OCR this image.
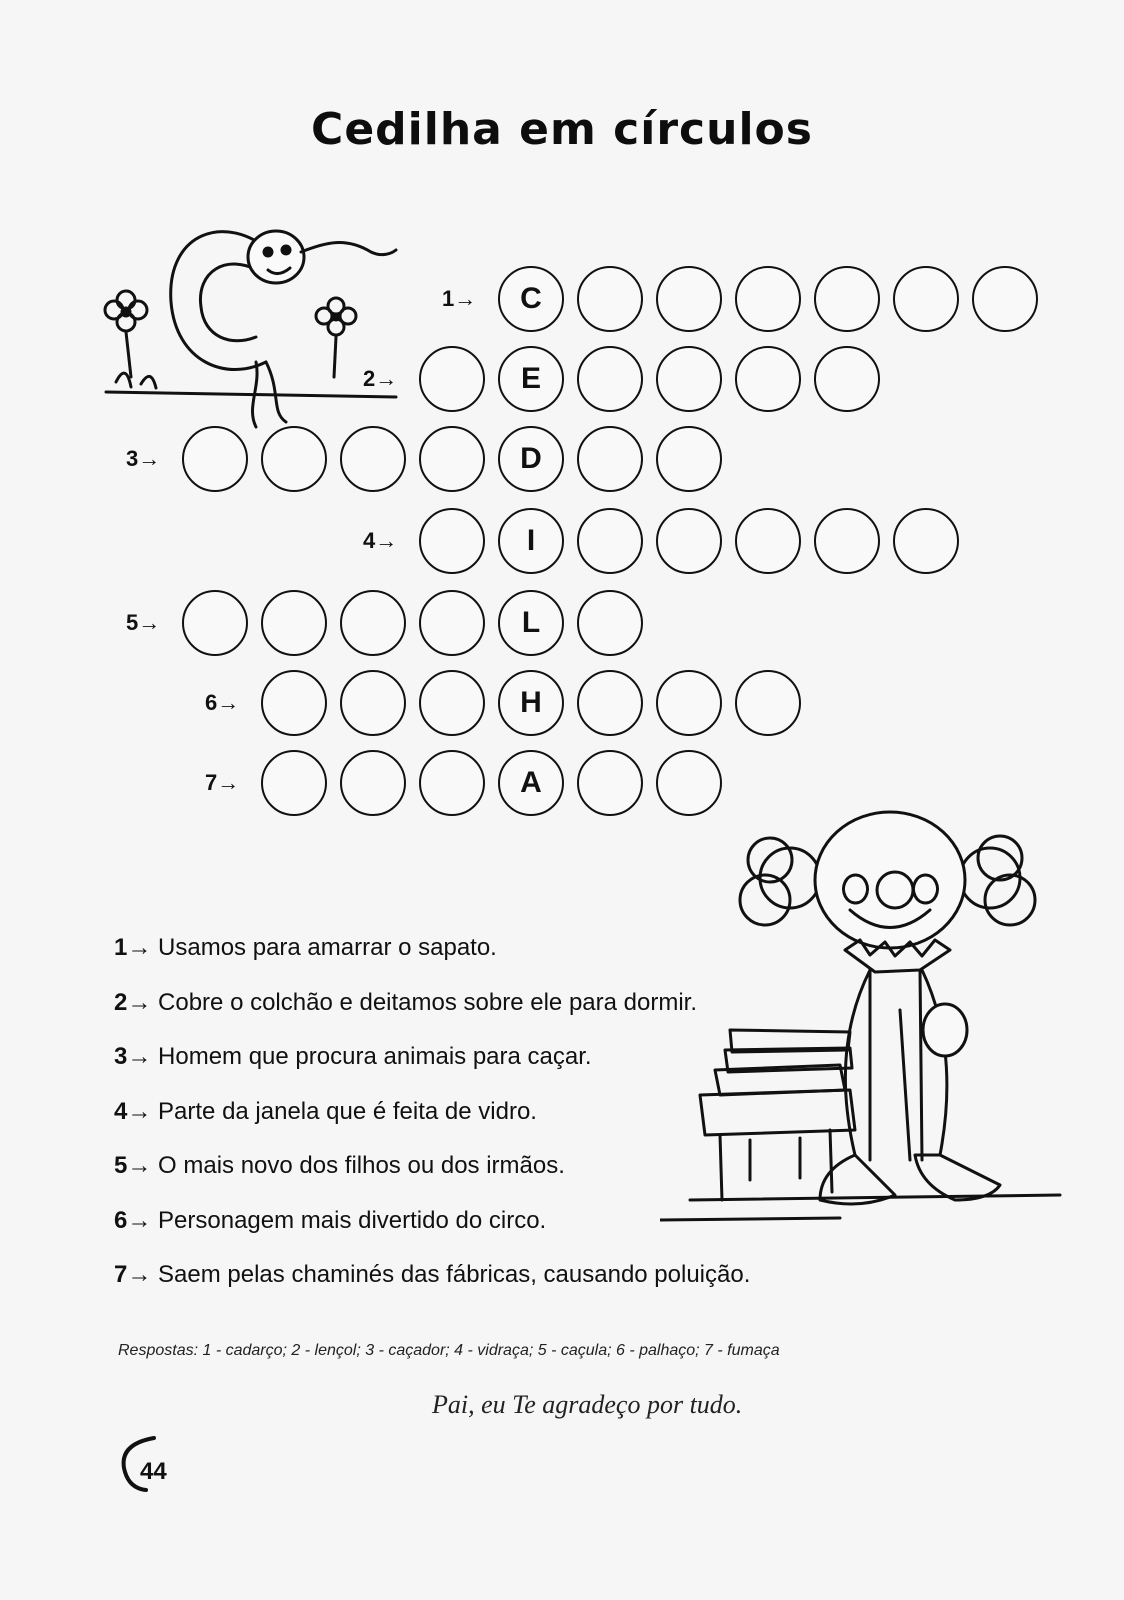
Cedilha em círculos
1→	C
2→	E
3→	D
4→	I
5→	L
6→	H
7→	A
1→ Usamos para amarrar o sapato.
2→ Cobre o colchão e deitamos sobre ele para dormir.
3→ Homem que procura animais para caçar.
4→ Parte da janela que é feita de vidro.
5→ O mais novo dos filhos ou dos irmãos.
6→ Personagem mais divertido do circo.
7→ Saem pelas chaminés das fábricas, causando poluição.
Respostas: 1 - cadarço; 2 - lençol; 3 - caçador; 4 - vidraça; 5 - caçula; 6 - palhaço; 7 - fumaça
Pai, eu Te agradeço por tudo.
44
